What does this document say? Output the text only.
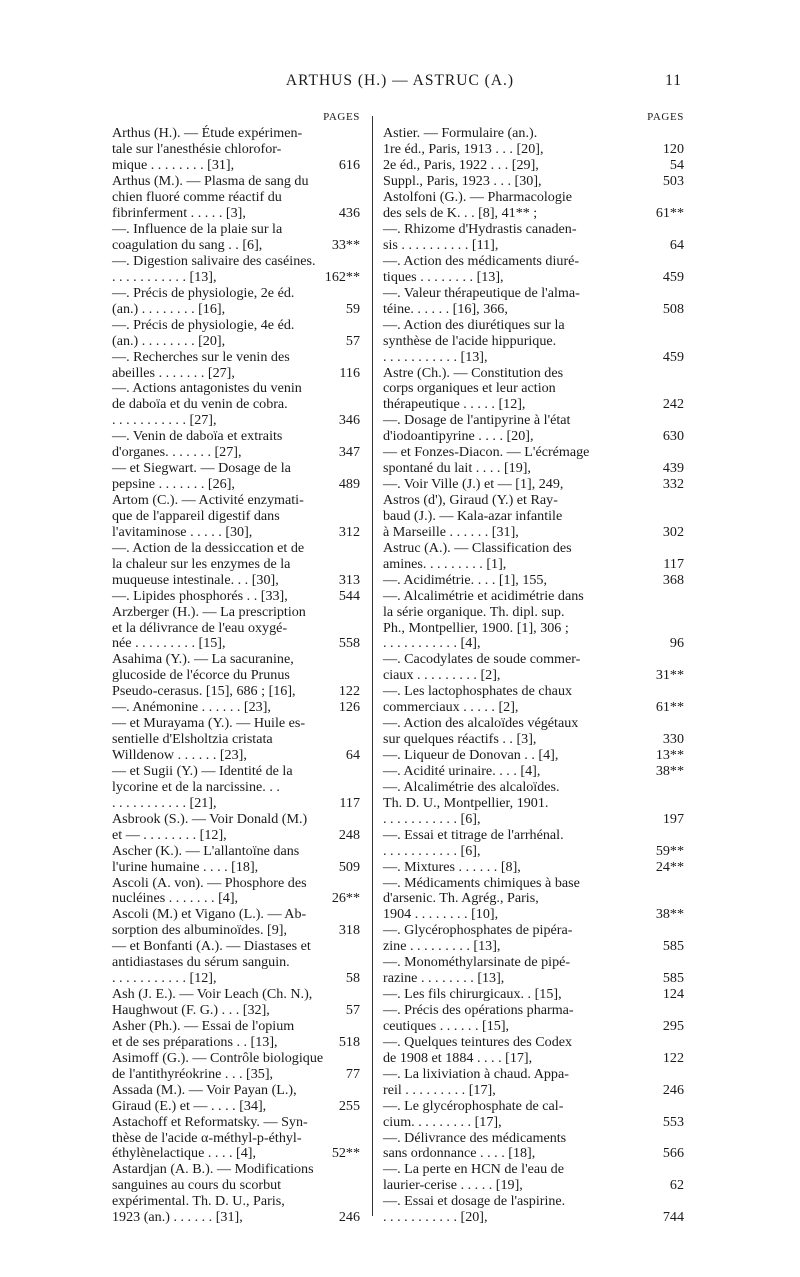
ARTHUS (H.) — ASTRUC (A.)	11

Arthus (H.). — Étude expérimen-
tale sur l'anesthésie chlorofor-
mique . . . . . . . . [31],
Arthus (M.). — Plasma de sang du
chien fluoré comme réactif du
fibrinferment . . . . . [3],
—. Influence de la plaie sur la
coagulation du sang . . [6],
—. Digestion salivaire des caséines.
. . . . . . . . . . . [13],
—. Précis de physiologie, 2e éd.
(an.) . . . . . . . . [16],
—. Précis de physiologie, 4e éd.
(an.) . . . . . . . . [20],
—. Recherches sur le venin des
abeilles . . . . . . . [27],
—. Actions antagonistes du venin
de daboïa et du venin de cobra.
. . . . . . . . . . . [27],
—. Venin de daboïa et extraits
d'organes. . . . . . . [27],
— et Siegwart. — Dosage de la
pepsine . . . . . . . [26],
Artom (C.). — Activité enzymati-
que de l'appareil digestif dans
l'avitaminose . . . . . [30],
—. Action de la dessiccation et de
la chaleur sur les enzymes de la
muqueuse intestinale. . . [30],
—. Lipides phosphorés . . [33],
Arzberger (H.). — La prescription
et la délivrance de l'eau oxygé-
née . . . . . . . . . [15],
Asahima (Y.). — La sacuranine,
glucoside de l'écorce du Prunus
Pseudo-cerasus. [15], 686 ; [16],
—. Anémonine . . . . . . [23],
— et Murayama (Y.). — Huile es-
sentielle d'Elsholtzia cristata
Willdenow . . . . . . [23],
— et Sugii (Y.) — Identité de la
lycorine et de la narcissine. . .
. . . . . . . . . . . [21],
Asbrook (S.). — Voir Donald (M.)
et — . . . . . . . . [12],
Ascher (K.). — L'allantoïne dans
l'urine humaine . . . . [18],
Ascoli (A. von). — Phosphore des
nucléines . . . . . . . [4],
Ascoli (M.) et Vigano (L.). — Ab-
sorption des albuminoïdes. [9],
— et Bonfanti (A.). — Diastases et
antidiastases du sérum sanguin.
. . . . . . . . . . . [12],
Ash (J. E.). — Voir Leach (Ch. N.),
Haughwout (F. G.) . . . [32],
Asher (Ph.). — Essai de l'opium
et de ses préparations . . [13],
Asimoff (G.). — Contrôle biologique
de l'antithyréokrine . . . [35],
Assada (M.). — Voir Payan (L.),
Giraud (E.) et — . . . . [34],
Astachoff et Reformatsky. — Syn-
thèse de l'acide α-méthyl-p-éthyl-
éthylènelactique . . . . [4],
Astardjan (A. B.). — Modifications
sanguines au cours du scorbut
expérimental. Th. D. U., Paris,
1923 (an.) . . . . . . [31],
PAGES
616
436
33**
162**
59
57
116
346
347
489
312
313
544
558
122
126
64
117
248
509
26**
318
58
57
518
77
255
52**
246

Astier. — Formulaire (an.).
1re éd., Paris, 1913 . . . [20],
2e éd., Paris, 1922 . . . [29],
Suppl., Paris, 1923 . . . [30],
Astolfoni (G.). — Pharmacologie
des sels de K. . . [8], 41** ;
—. Rhizome d'Hydrastis canaden-
sis . . . . . . . . . . [11],
—. Action des médicaments diuré-
tiques . . . . . . . . [13],
—. Valeur thérapeutique de l'alma-
téine. . . . . . [16], 366,
—. Action des diurétiques sur la
synthèse de l'acide hippurique.
. . . . . . . . . . . [13],
Astre (Ch.). — Constitution des
corps organiques et leur action
thérapeutique . . . . . [12],
—. Dosage de l'antipyrine à l'état
d'iodoantipyrine . . . . [20],
— et Fonzes-Diacon. — L'écrémage
spontané du lait . . . . [19],
—. Voir Ville (J.) et — [1], 249,
Astros (d'), Giraud (Y.) et Ray-
baud (J.). — Kala-azar infantile
à Marseille . . . . . . [31],
Astruc (A.). — Classification des
amines. . . . . . . . . [1],
—. Acidimétrie. . . . [1], 155,
—. Alcalimétrie et acidimétrie dans
la série organique. Th. dipl. sup.
Ph., Montpellier, 1900. [1], 306 ;
. . . . . . . . . . . [4],
—. Cacodylates de soude commer-
ciaux . . . . . . . . . [2],
—. Les lactophosphates de chaux
commerciaux . . . . . [2],
—. Action des alcaloïdes végétaux
sur quelques réactifs . . [3],
—. Liqueur de Donovan . . [4],
—. Acidité urinaire. . . . [4],
—. Alcalimétrie des alcaloïdes.
Th. D. U., Montpellier, 1901.
. . . . . . . . . . . [6],
—. Essai et titrage de l'arrhénal.
. . . . . . . . . . . [6],
—. Mixtures . . . . . . [8],
—. Médicaments chimiques à base
d'arsenic. Th. Agrég., Paris,
1904 . . . . . . . . [10],
—. Glycérophosphates de pipéra-
zine . . . . . . . . . [13],
—. Monométhylarsinate de pipé-
razine . . . . . . . . [13],
—. Les fils chirurgicaux. . [15],
—. Précis des opérations pharma-
ceutiques . . . . . . [15],
—. Quelques teintures des Codex
de 1908 et 1884 . . . . [17],
—. La lixiviation à chaud. Appa-
reil . . . . . . . . . [17],
—. Le glycérophosphate de cal-
cium. . . . . . . . . [17],
—. Délivrance des médicaments
sans ordonnance . . . . [18],
—. La perte en HCN de l'eau de
laurier-cerise . . . . . [19],
—. Essai et dosage de l'aspirine.
. . . . . . . . . . . [20],
PAGES
120
54
503
61**
64
459
508
459
242
630
439
332
302
117
368
96
31**
61**
330
13**
38**
197
59**
24**
38**
585
585
124
295
122
246
553
566
62
744
